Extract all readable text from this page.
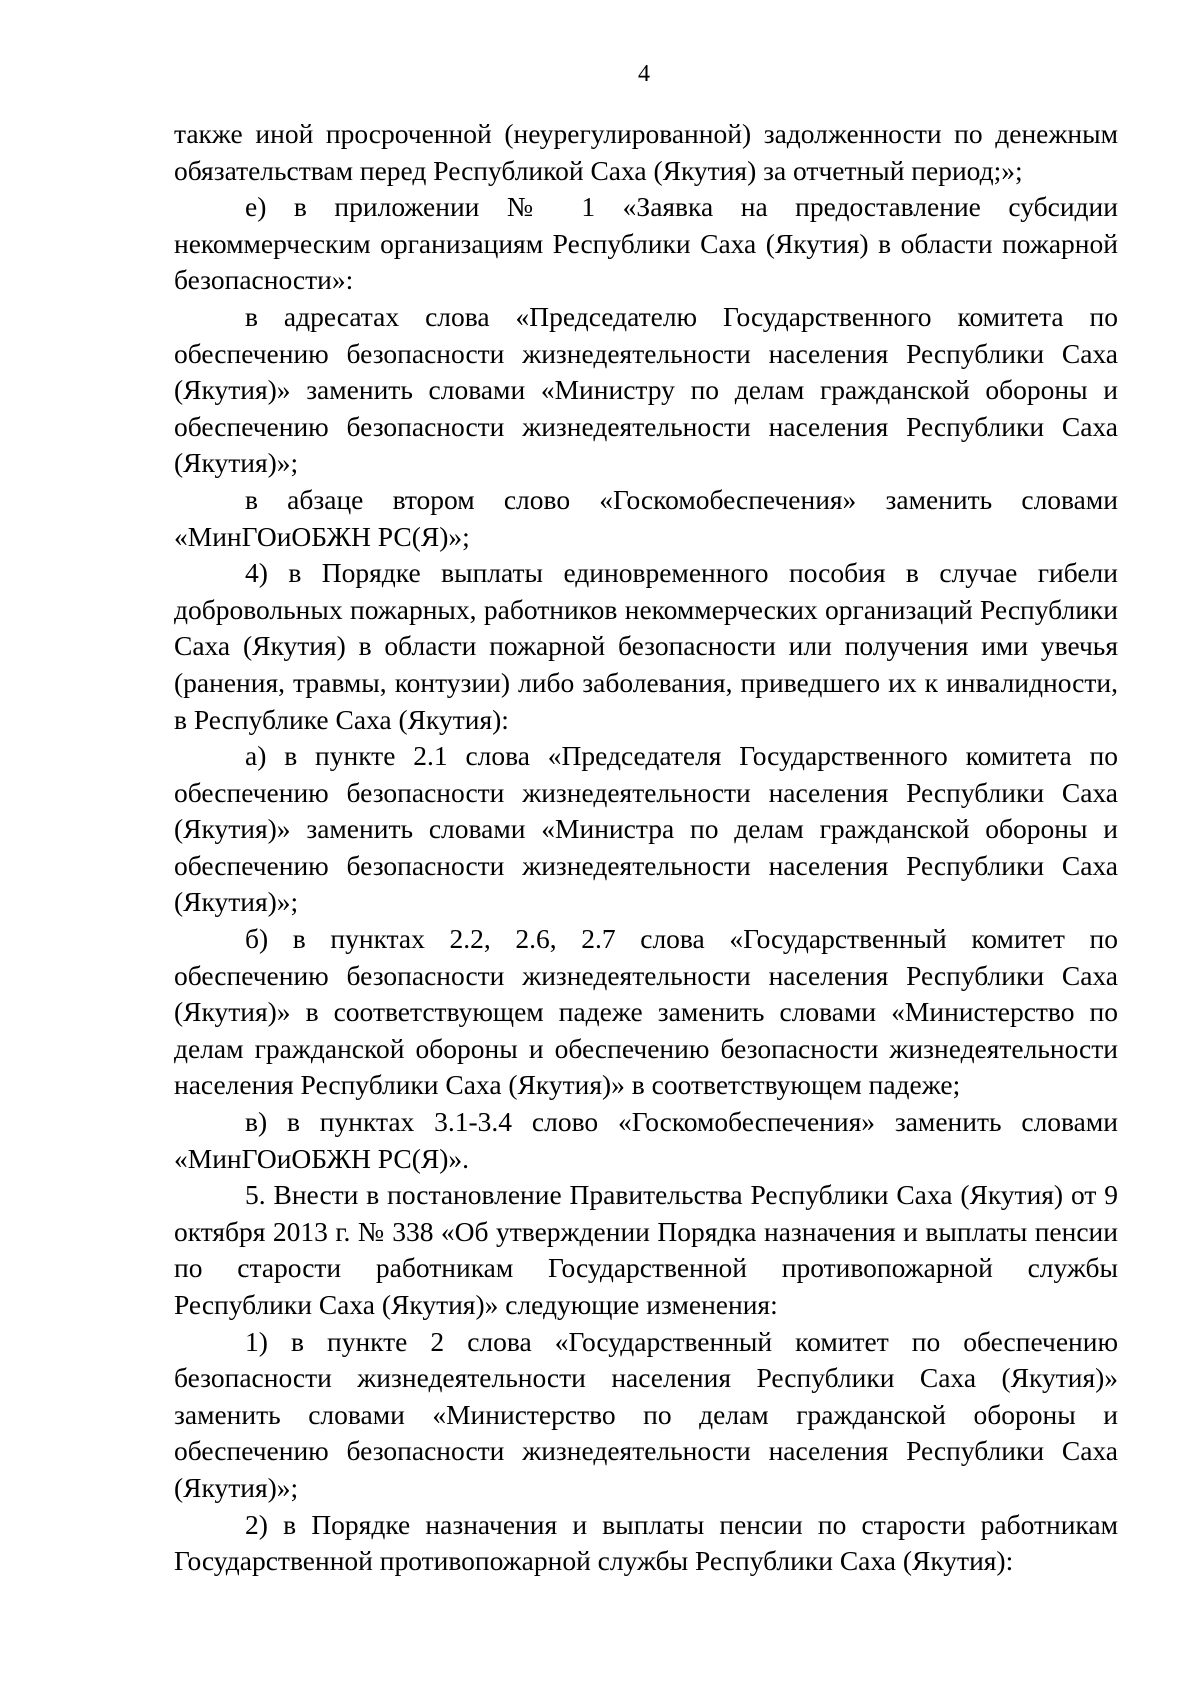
4

также иной просроченной (неурегулированной) задолженности по денежным обязательствам перед Республикой Саха (Якутия) за отчетный период;»;

е) в приложении № 1 «Заявка на предоставление субсидии некоммерческим организациям Республики Саха (Якутия) в области пожарной безопасности»:

в адресатах слова «Председателю Государственного комитета по обеспечению безопасности жизнедеятельности населения Республики Саха (Якутия)» заменить словами «Министру по делам гражданской обороны и обеспечению безопасности жизнедеятельности населения Республики Саха (Якутия)»;

в абзаце втором слово «Госкомобеспечения» заменить словами «МинГОиОБЖН РС(Я)»;

4) в Порядке выплаты единовременного пособия в случае гибели добровольных пожарных, работников некоммерческих организаций Республики Саха (Якутия) в области пожарной безопасности или получения ими увечья (ранения, травмы, контузии) либо заболевания, приведшего их к инвалидности, в Республике Саха (Якутия):

а) в пункте 2.1 слова «Председателя Государственного комитета по обеспечению безопасности жизнедеятельности населения Республики Саха (Якутия)» заменить словами «Министра по делам гражданской обороны и обеспечению безопасности жизнедеятельности населения Республики Саха (Якутия)»;

б) в пунктах 2.2, 2.6, 2.7 слова «Государственный комитет по обеспечению безопасности жизнедеятельности населения Республики Саха (Якутия)» в соответствующем падеже заменить словами «Министерство по делам гражданской обороны и обеспечению безопасности жизнедеятельности населения Республики Саха (Якутия)» в соответствующем падеже;

в) в пунктах 3.1-3.4 слово «Госкомобеспечения» заменить словами «МинГОиОБЖН РС(Я)».

5. Внести в постановление Правительства Республики Саха (Якутия) от 9 октября 2013 г. № 338 «Об утверждении Порядка назначения и выплаты пенсии по старости работникам Государственной противопожарной службы Республики Саха (Якутия)» следующие изменения:

1) в пункте 2 слова «Государственный комитет по обеспечению безопасности жизнедеятельности населения Республики Саха (Якутия)» заменить словами «Министерство по делам гражданской обороны и обеспечению безопасности жизнедеятельности населения Республики Саха (Якутия)»;

2) в Порядке назначения и выплаты пенсии по старости работникам Государственной противопожарной службы Республики Саха (Якутия):
